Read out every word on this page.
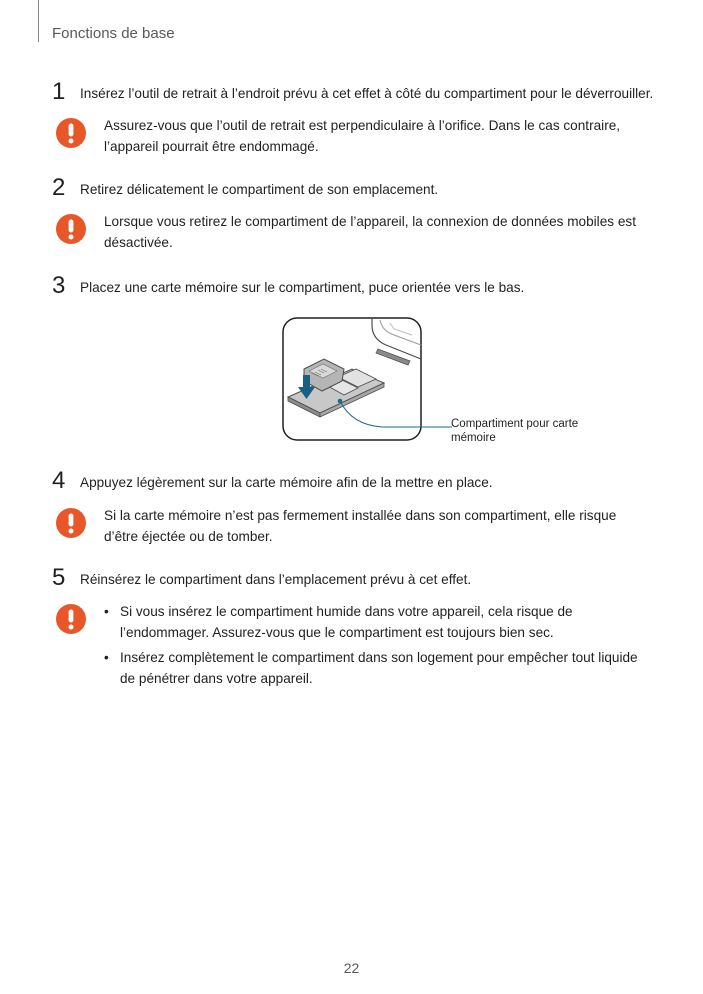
Fonctions de base
1 Insérez l’outil de retrait à l’endroit prévu à cet effet à côté du compartiment pour le déverrouiller.
Assurez-vous que l’outil de retrait est perpendiculaire à l’orifice. Dans le cas contraire, l’appareil pourrait être endommagé.
2 Retirez délicatement le compartiment de son emplacement.
Lorsque vous retirez le compartiment de l’appareil, la connexion de données mobiles est désactivée.
3 Placez une carte mémoire sur le compartiment, puce orientée vers le bas.
Compartiment pour carte mémoire
4 Appuyez légèrement sur la carte mémoire afin de la mettre en place.
Si la carte mémoire n’est pas fermement installée dans son compartiment, elle risque d’être éjectée ou de tomber.
5 Réinsérez le compartiment dans l’emplacement prévu à cet effet.
• Si vous insérez le compartiment humide dans votre appareil, cela risque de l’endommager. Assurez-vous que le compartiment est toujours bien sec.
• Insérez complètement le compartiment dans son logement pour empêcher tout liquide de pénétrer dans votre appareil.
22
